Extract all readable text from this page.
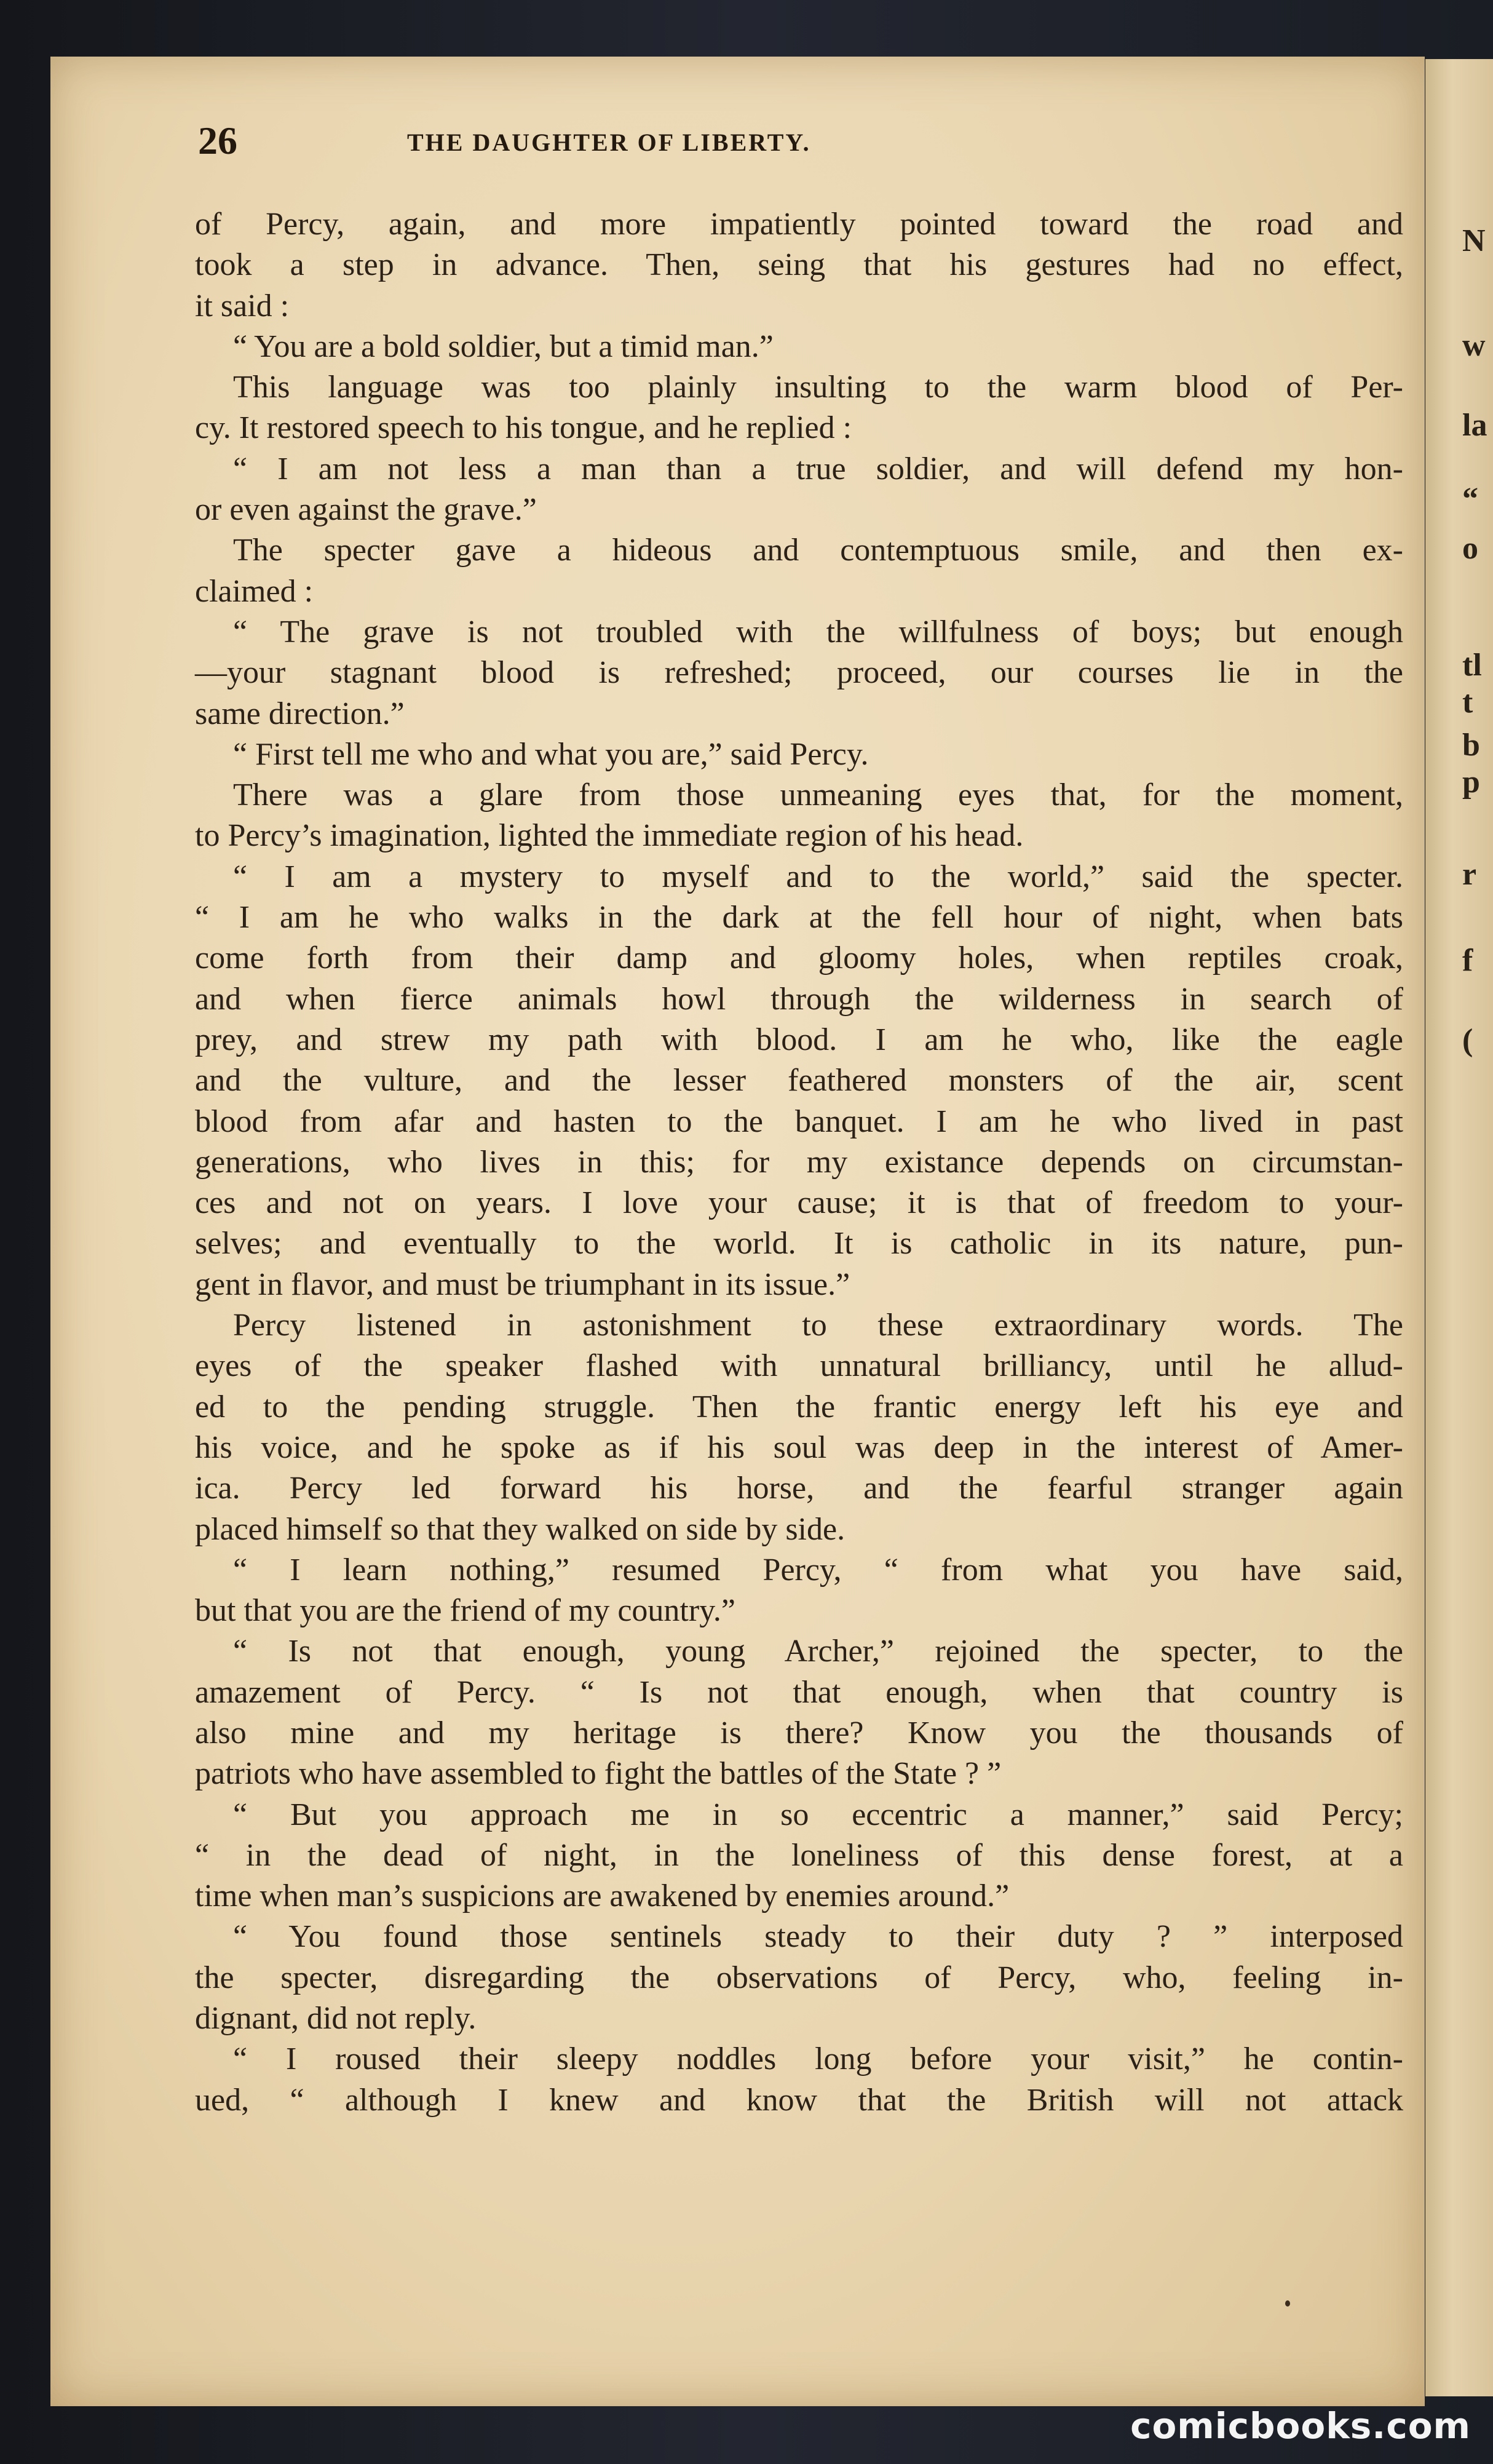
26	THE DAUGHTER OF LIBERTY.

of Percy, again, and more impatiently pointed toward the road and

took a step in advance. Then, seing that his gestures had no effect,

it said :

“ You are a bold soldier, but a timid man.”

This language was too plainly insulting to the warm blood of Per-

cy. It restored speech to his tongue, and he replied :

“ I am not less a man than a true soldier, and will defend my hon-

or even against the grave.”

The specter gave a hideous and contemptuous smile, and then ex-

claimed :

“ The grave is not troubled with the willfulness of boys; but enough

—your stagnant blood is refreshed; proceed, our courses lie in the

same direction.”

“ First tell me who and what you are,” said Percy.

There was a glare from those unmeaning eyes that, for the moment,

to Percy’s imagination, lighted the immediate region of his head.

“ I am a mystery to myself and to the world,” said the specter.

“ I am he who walks in the dark at the fell hour of night, when bats

come forth from their damp and gloomy holes, when reptiles croak,

and when fierce animals howl through the wilderness in search of

prey, and strew my path with blood. I am he who, like the eagle

and the vulture, and the lesser feathered monsters of the air, scent

blood from afar and hasten to the banquet. I am he who lived in past

generations, who lives in this; for my existance depends on circumstan-

ces and not on years. I love your cause; it is that of freedom to your-

selves; and eventually to the world. It is catholic in its nature, pun-

gent in flavor, and must be triumphant in its issue.”

Percy listened in astonishment to these extraordinary words. The

eyes of the speaker flashed with unnatural brilliancy, until he allud-

ed to the pending struggle. Then the frantic energy left his eye and

his voice, and he spoke as if his soul was deep in the interest of Amer-

ica. Percy led forward his horse, and the fearful stranger again

placed himself so that they walked on side by side.

“ I learn nothing,” resumed Percy, “ from what you have said,

but that you are the friend of my country.”

“ Is not that enough, young Archer,” rejoined the specter, to the

amazement of Percy. “ Is not that enough, when that country is

also mine and my heritage is there? Know you the thousands of

patriots who have assembled to fight the battles of the State ? ”

“ But you approach me in so eccentric a manner,” said Percy;

“ in the dead of night, in the loneliness of this dense forest, at a

time when man’s suspicions are awakened by enemies around.”

“ You found those sentinels steady to their duty ? ” interposed

the specter, disregarding the observations of Percy, who, feeling in-

dignant, did not reply.

“ I roused their sleepy noddles long before your visit,” he contin-

ued, “ although I knew and know that the British will not attack

N
w
la
“
o
tl
t
b
p
r
f
(
comicbooks.com
